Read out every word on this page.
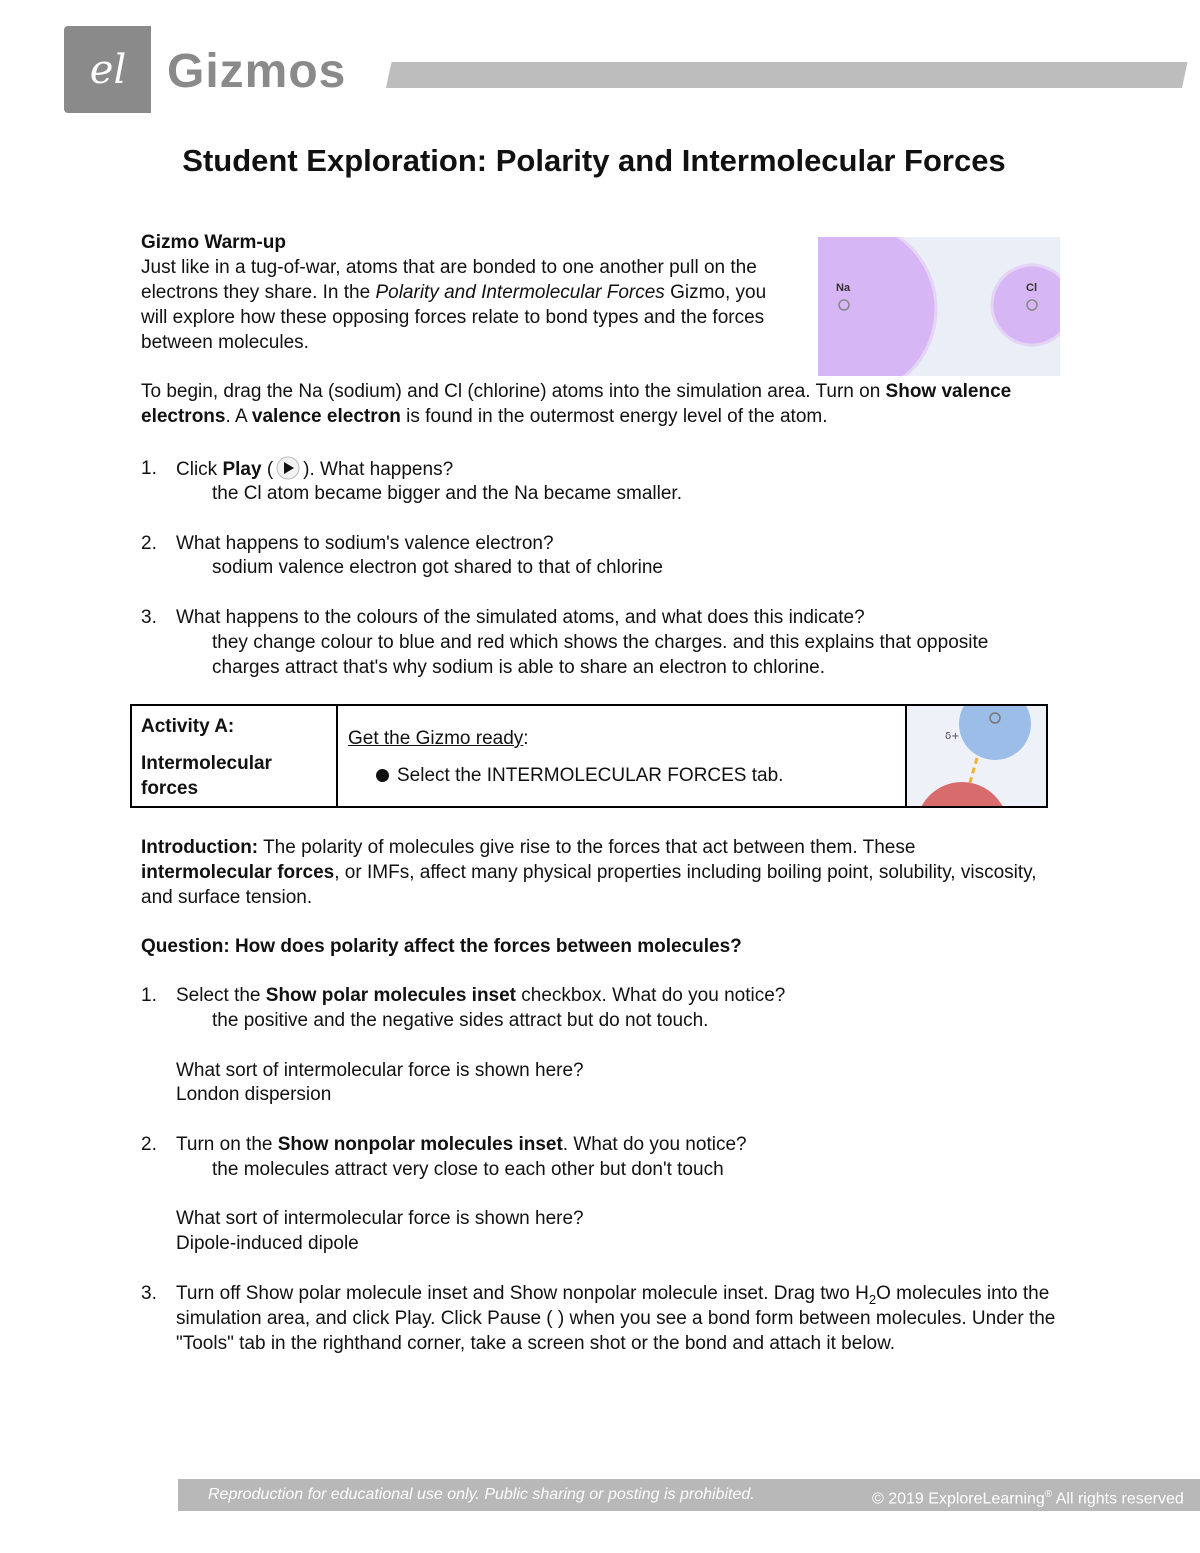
el Gizmos
Student Exploration: Polarity and Intermolecular Forces
Gizmo Warm-up
Just like in a tug-of-war, atoms that are bonded to one another pull on the electrons they share. In the Polarity and Intermolecular Forces Gizmo, you will explore how these opposing forces relate to bond types and the forces between molecules.
Na	Cl
To begin, drag the Na (sodium) and Cl (chlorine) atoms into the simulation area. Turn on Show valence electrons. A valence electron is found in the outermost energy level of the atom.
1.	Click Play ( ). What happens?
the Cl atom became bigger and the Na became smaller.
2.	What happens to sodium's valence electron?
sodium valence electron got shared to that of chlorine
3.	What happens to the colours of the simulated atoms, and what does this indicate?
they change colour to blue and red which shows the charges. and this explains that opposite charges attract that's why sodium is able to share an electron to chlorine.
Activity A:
Intermolecular forces
Get the Gizmo ready:
Select the INTERMOLECULAR FORCES tab.
δ+
Introduction: The polarity of molecules give rise to the forces that act between them. These intermolecular forces, or IMFs, affect many physical properties including boiling point, solubility, viscosity, and surface tension.
Question: How does polarity affect the forces between molecules?
1.	Select the Show polar molecules inset checkbox. What do you notice?
the positive and the negative sides attract but do not touch.
What sort of intermolecular force is shown here?
London dispersion
2.	Turn on the Show nonpolar molecules inset. What do you notice?
the molecules attract very close to each other but don't touch
What sort of intermolecular force is shown here?
Dipole-induced dipole
3.	Turn off Show polar molecule inset and Show nonpolar molecule inset. Drag two $H_2O$ molecules into the simulation area, and click Play. Click Pause ( ) when you see a bond form between molecules. Under the "Tools" tab in the righthand corner, take a screen shot or the bond and attach it below.
Reproduction for educational use only. Public sharing or posting is prohibited.	© 2019 ExploreLearning® All rights reserved
